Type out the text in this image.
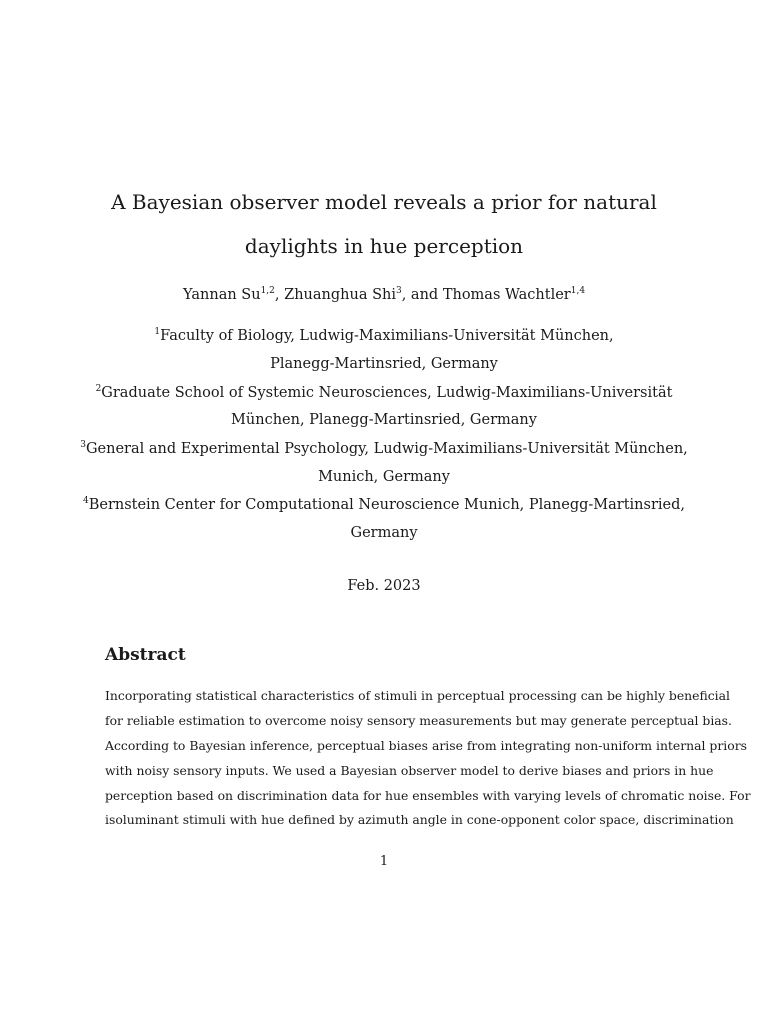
A Bayesian observer model reveals a prior for natural
daylights in hue perception
Yannan Su$^{1,2}$, Zhuanghua Shi$^3$, and Thomas Wachtler$^{1,4}$
$^1$Faculty of Biology, Ludwig-Maximilians-Universität München,
Planegg-Martinsried, Germany
$^2$Graduate School of Systemic Neurosciences, Ludwig-Maximilians-Universität
München, Planegg-Martinsried, Germany
$^3$General and Experimental Psychology, Ludwig-Maximilians-Universität München,
Munich, Germany
$^4$Bernstein Center for Computational Neuroscience Munich, Planegg-Martinsried,
Germany
Feb. 2023
Abstract
Incorporating statistical characteristics of stimuli in perceptual processing can be highly beneficial
for reliable estimation to overcome noisy sensory measurements but may generate perceptual bias.
According to Bayesian inference, perceptual biases arise from integrating non-uniform internal priors
with noisy sensory inputs. We used a Bayesian observer model to derive biases and priors in hue
perception based on discrimination data for hue ensembles with varying levels of chromatic noise. For
isoluminant stimuli with hue defined by azimuth angle in cone-opponent color space, discrimination
1
